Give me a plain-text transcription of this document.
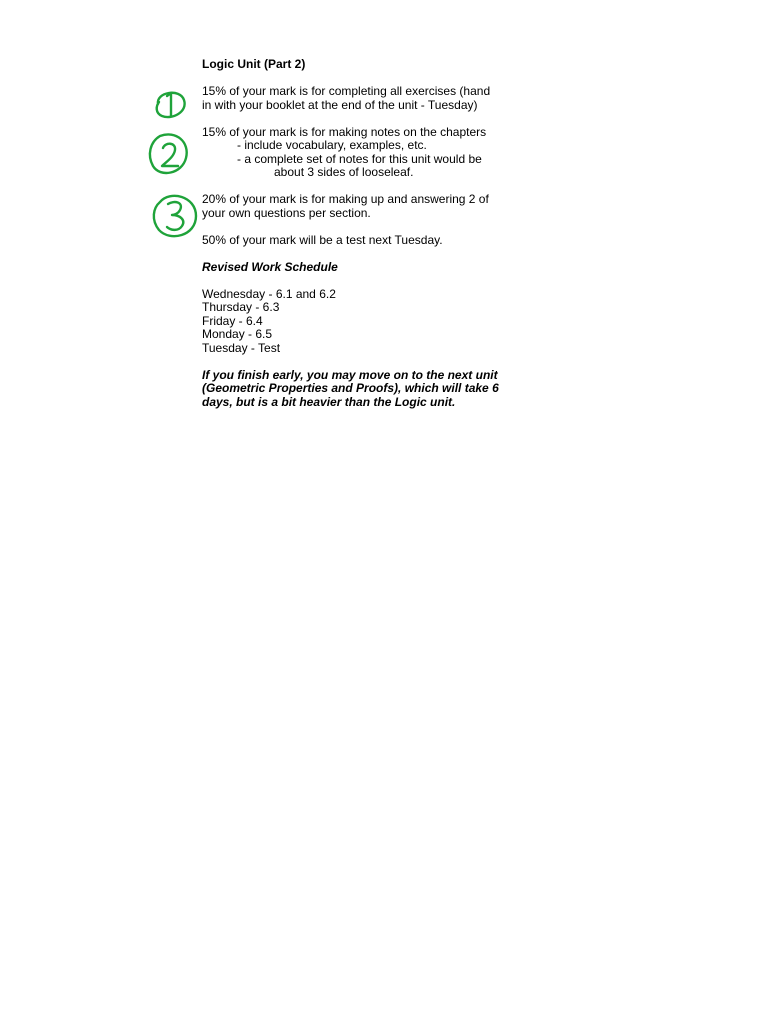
Logic Unit (Part 2)
15% of your mark is for completing all exercises (hand
in with your booklet at the end of the unit - Tuesday)
15% of your mark is for making notes on the chapters
- include vocabulary, examples, etc.
- a complete set of notes for this unit would be
about 3 sides of looseleaf.
20% of your mark is for making up and answering 2 of
your own questions per section.
50% of your mark will be a test next Tuesday.
Revised Work Schedule
Wednesday - 6.1 and 6.2
Thursday - 6.3
Friday - 6.4
Monday - 6.5
Tuesday - Test
If you finish early, you may move on to the next unit
(Geometric Properties and Proofs), which will take 6
days, but is a bit heavier than the Logic unit.
